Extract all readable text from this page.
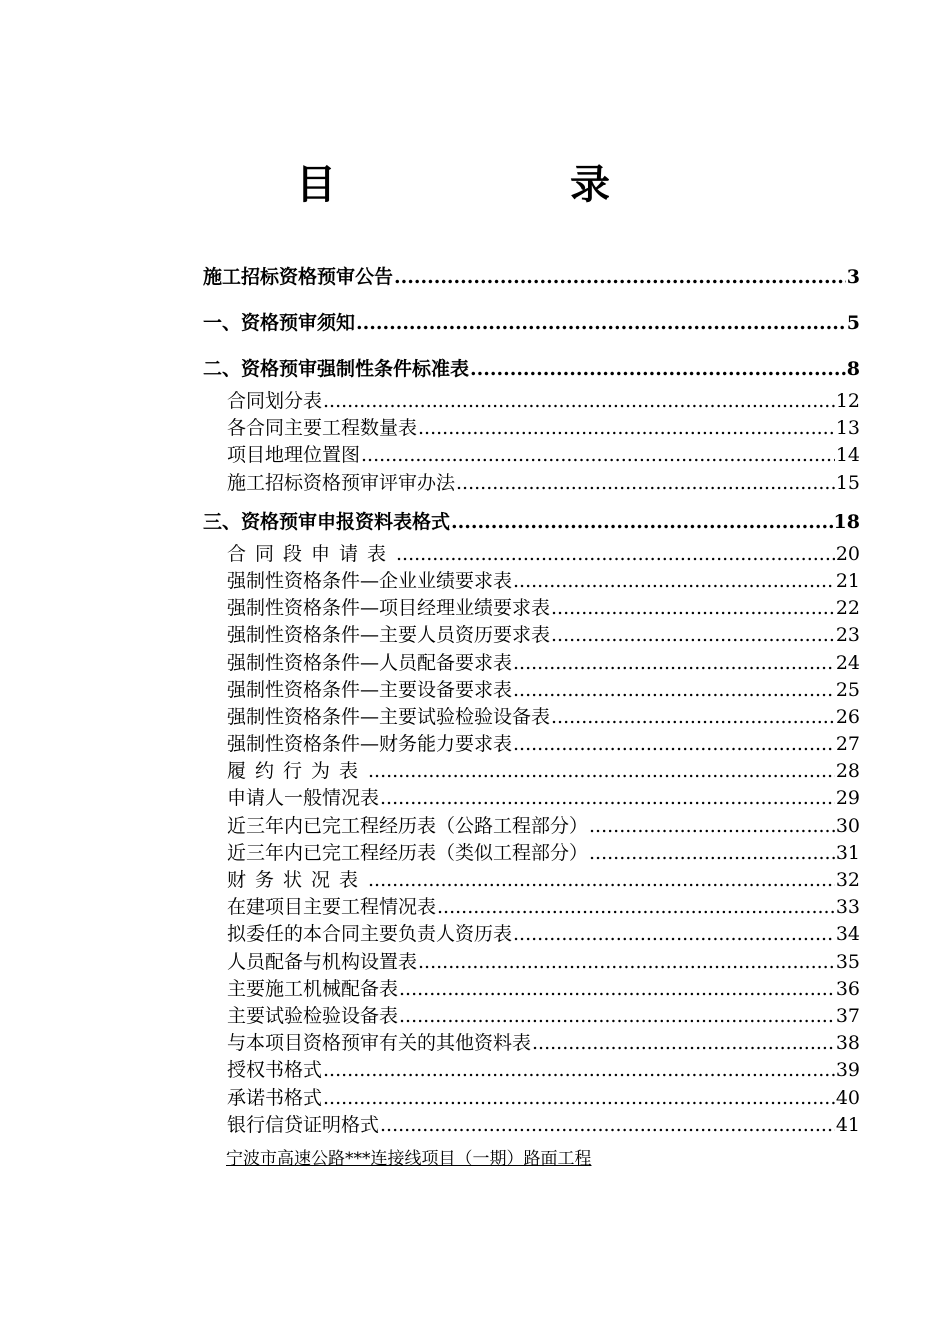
目 录
施工招标资格预审公告 .....	3
一、资格预审须知 .....	5
二、资格预审强制性条件标准表 .....	8
合同划分表 .....	12
各合同主要工程数量表 .....	13
项目地理位置图 .....	14
施工招标资格预审评审办法 .....	15
三、资格预审申报资料表格式 .....	18
合同段申请表 .....	20
强制性资格条件—企业业绩要求表 .....	21
强制性资格条件—项目经理业绩要求表 .....	22
强制性资格条件—主要人员资历要求表 .....	23
强制性资格条件—人员配备要求表 .....	24
强制性资格条件—主要设备要求表 .....	25
强制性资格条件—主要试验检验设备表 .....	26
强制性资格条件—财务能力要求表 .....	27
履约行为表 .....	28
申请人一般情况表 .....	29
近三年内已完工程经历表（公路工程部分） .....	30
近三年内已完工程经历表（类似工程部分） .....	31
财务状况表 .....	32
在建项目主要工程情况表 .....	33
拟委任的本合同主要负责人资历表 .....	34
人员配备与机构设置表 .....	35
主要施工机械配备表 .....	36
主要试验检验设备表 .....	37
与本项目资格预审有关的其他资料表 .....	38
授权书格式 .....	39
承诺书格式 .....	40
银行信贷证明格式 .....	41
宁波市高速公路***连接线项目（一期）路面工程
